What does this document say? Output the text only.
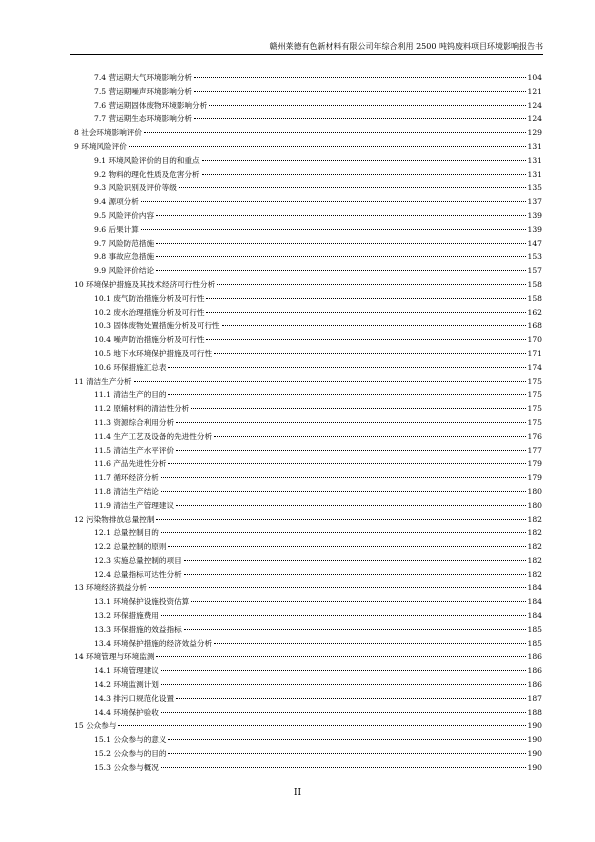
赣州莱德有色新材料有限公司年综合利用 2500 吨钨废料项目环境影响报告书
7.4 营运期大气环境影响分析	104
7.5 营运期噪声环境影响分析	121
7.6 营运期固体废物环境影响分析	124
7.7 营运期生态环境影响分析	124
8 社会环境影响评价	129
9 环境风险评价	131
9.1 环境风险评价的目的和重点	131
9.2 物料的理化性质及危害分析	131
9.3 风险识别及评价等级	135
9.4 源项分析	137
9.5 风险评价内容	139
9.6 后果计算	139
9.7 风险防范措施	147
9.8 事故应急措施	153
9.9 风险评价结论	157
10 环境保护措施及其技术经济可行性分析	158
10.1 废气防治措施分析及可行性	158
10.2 废水治理措施分析及可行性	162
10.3 固体废物处置措施分析及可行性	168
10.4 噪声防治措施分析及可行性	170
10.5 地下水环境保护措施及可行性	171
10.6 环保措施汇总表	174
11 清洁生产分析	175
11.1 清洁生产的目的	175
11.2 原辅材料的清洁性分析	175
11.3 资源综合利用分析	175
11.4 生产工艺及设备的先进性分析	176
11.5 清洁生产水平评价	177
11.6 产品先进性分析	179
11.7 循环经济分析	179
11.8 清洁生产结论	180
11.9 清洁生产管理建议	180
12 污染物排放总量控制	182
12.1 总量控制目的	182
12.2 总量控制的原则	182
12.3 实施总量控制的项目	182
12.4 总量指标可达性分析	182
13 环境经济损益分析	184
13.1 环境保护设施投资估算	184
13.2 环保措施费用	184
13.3 环保措施的效益指标	185
13.4 环境保护措施的经济效益分析	185
14 环境管理与环境监测	186
14.1 环境管理建议	186
14.2 环境监测计划	186
14.3 排污口规范化设置	187
14.4 环境保护验收	188
15 公众参与	190
15.1 公众参与的意义	190
15.2 公众参与的目的	190
15.3 公众参与概况	190
II
